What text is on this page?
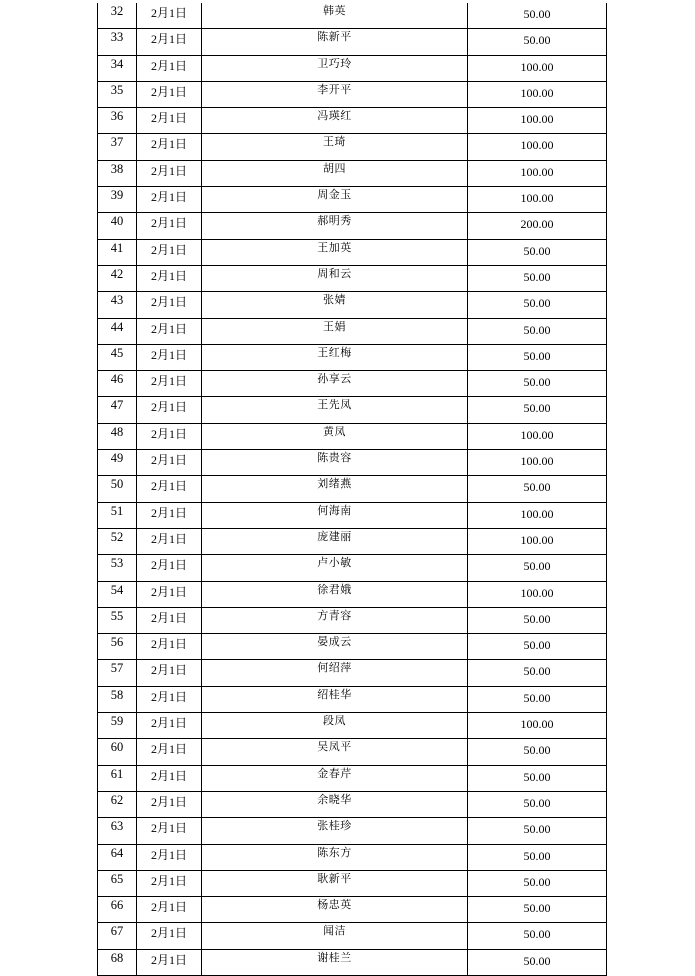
32	2月1日	韩英	50.00
33	2月1日	陈新平	50.00
34	2月1日	卫巧玲	100.00
35	2月1日	李开平	100.00
36	2月1日	冯瑛红	100.00
37	2月1日	王琦	100.00
38	2月1日	胡四	100.00
39	2月1日	周金玉	100.00
40	2月1日	郝明秀	200.00
41	2月1日	王加英	50.00
42	2月1日	周和云	50.00
43	2月1日	张婧	50.00
44	2月1日	王娟	50.00
45	2月1日	王红梅	50.00
46	2月1日	孙享云	50.00
47	2月1日	王先凤	50.00
48	2月1日	黄凤	100.00
49	2月1日	陈贵容	100.00
50	2月1日	刘绪燕	50.00
51	2月1日	何海南	100.00
52	2月1日	庞建丽	100.00
53	2月1日	卢小敏	50.00
54	2月1日	徐君娥	100.00
55	2月1日	方青容	50.00
56	2月1日	晏成云	50.00
57	2月1日	何绍萍	50.00
58	2月1日	绍桂华	50.00
59	2月1日	段凤	100.00
60	2月1日	吴凤平	50.00
61	2月1日	金春芹	50.00
62	2月1日	余晓华	50.00
63	2月1日	张桂珍	50.00
64	2月1日	陈东方	50.00
65	2月1日	耿新平	50.00
66	2月1日	杨忠英	50.00
67	2月1日	闻洁	50.00
68	2月1日	谢桂兰	50.00
